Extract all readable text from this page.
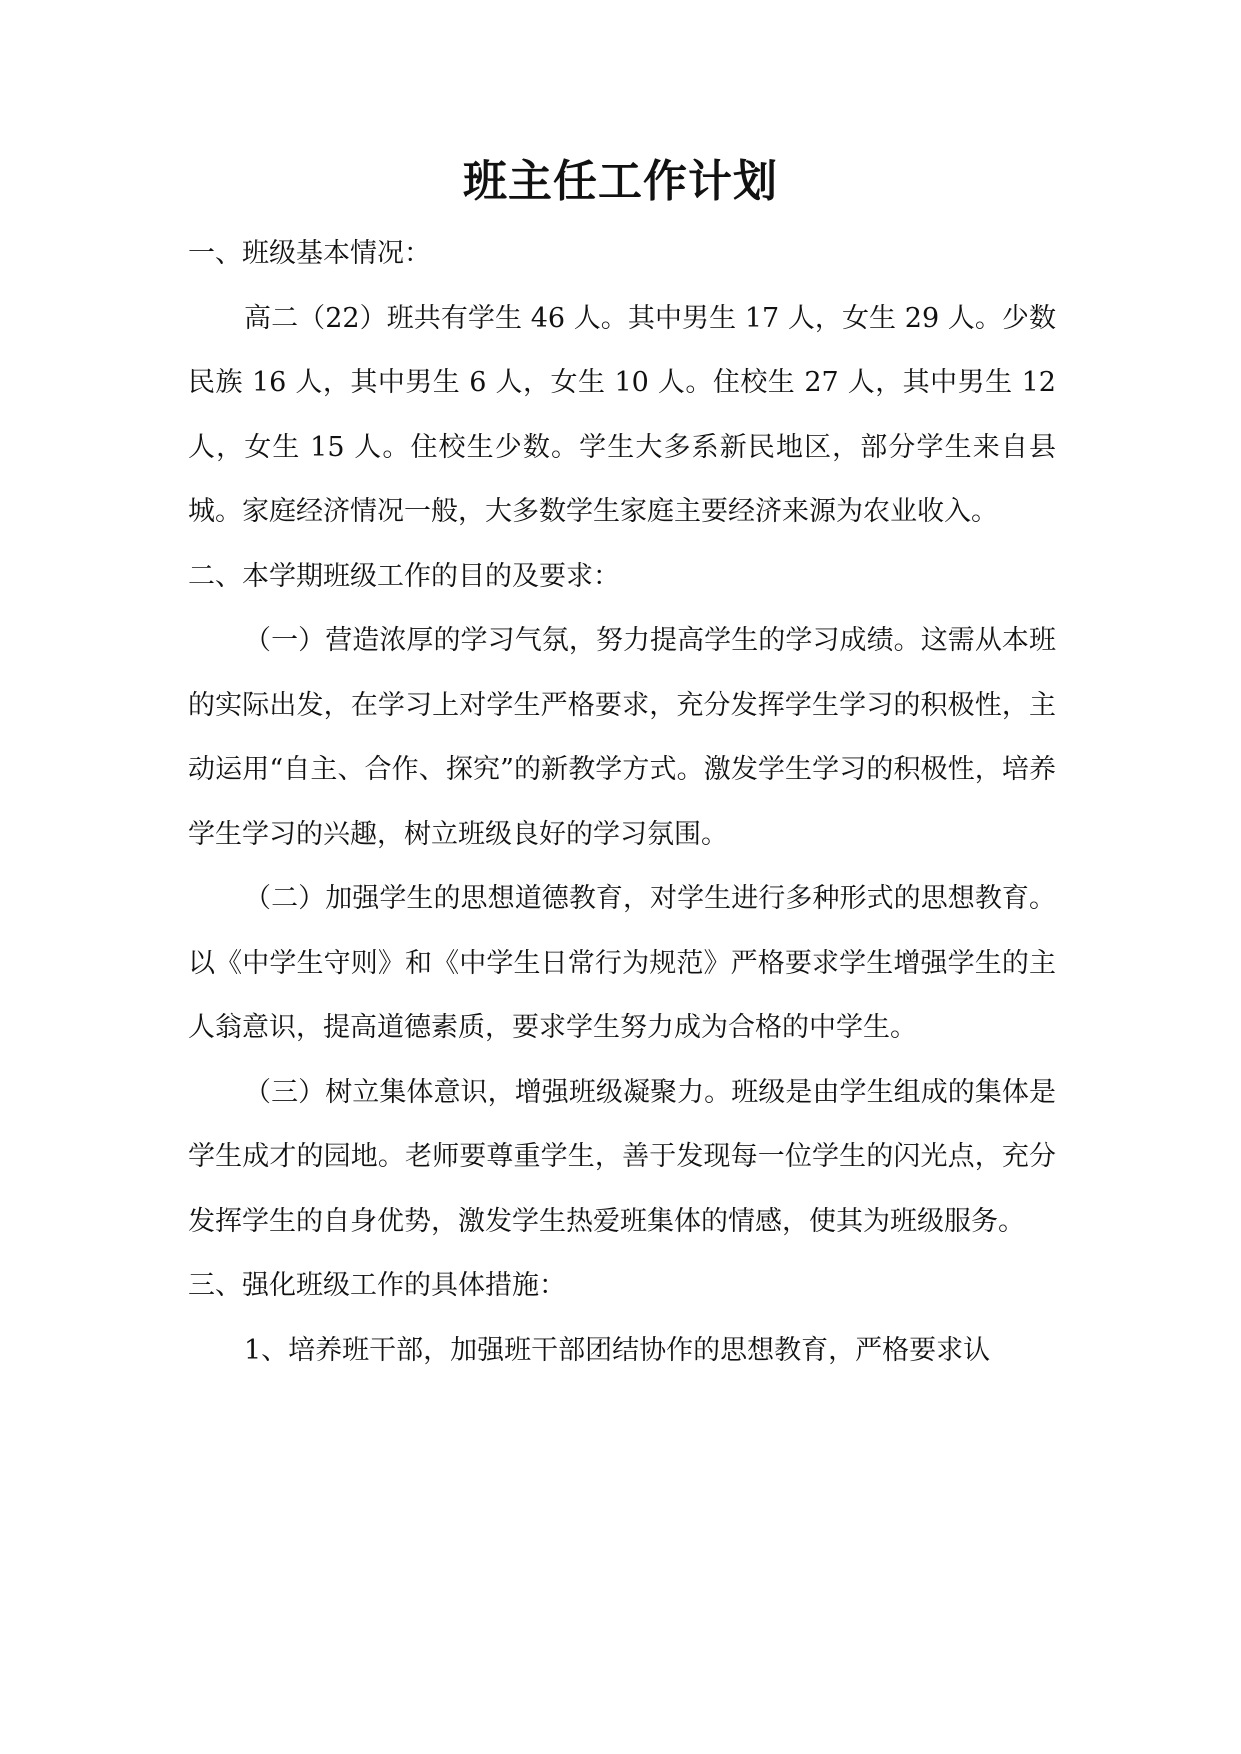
班主任工作计划

一、班级基本情况：

高二（22）班共有学生 46 人。其中男生 17 人，女生 29 人。少数民族 16 人，其中男生 6 人，女生 10 人。住校生 27 人，其中男生 12 人，女生 15 人。住校生少数。学生大多系新民地区，部分学生来自县城。家庭经济情况一般，大多数学生家庭主要经济来源为农业收入。

二、本学期班级工作的目的及要求：

（一）营造浓厚的学习气氛，努力提高学生的学习成绩。这需从本班的实际出发，在学习上对学生严格要求，充分发挥学生学习的积极性，主动运用“自主、合作、探究”的新教学方式。激发学生学习的积极性，培养学生学习的兴趣，树立班级良好的学习氛围。

（二）加强学生的思想道德教育，对学生进行多种形式的思想教育。以《中学生守则》和《中学生日常行为规范》严格要求学生增强学生的主人翁意识，提高道德素质，要求学生努力成为合格的中学生。

（三）树立集体意识，增强班级凝聚力。班级是由学生组成的集体是学生成才的园地。老师要尊重学生，善于发现每一位学生的闪光点，充分发挥学生的自身优势，激发学生热爱班集体的情感，使其为班级服务。

三、强化班级工作的具体措施：

1、培养班干部，加强班干部团结协作的思想教育，严格要求认
